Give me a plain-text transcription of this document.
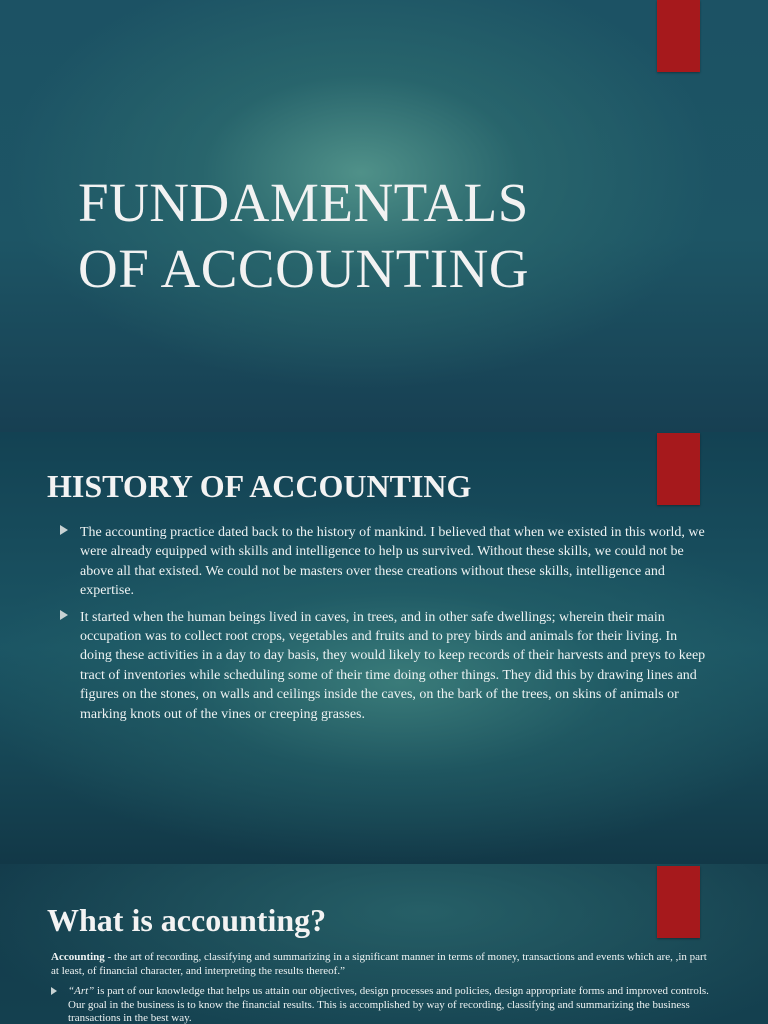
FUNDAMENTALS
OF ACCOUNTING
HISTORY OF ACCOUNTING
The accounting practice dated back to the history of mankind. I believed that when we existed in this world, we were already equipped with skills and intelligence to help us survived. Without these skills, we could not be above all that existed. We could not be masters over these creations without these skills, intelligence and expertise.
It started when the human beings lived in caves, in trees, and in other safe dwellings; wherein their main occupation was to collect root crops, vegetables and fruits and to prey birds and animals for their living. In doing these activities in a day to day basis, they would likely to keep records of their harvests and preys to keep tract of inventories while scheduling some of their time doing other things. They did this by drawing lines and figures on the stones, on walls and ceilings inside the caves, on the bark of the trees, on skins of animals or marking knots out of the vines or creeping grasses.
What is accounting?

Accounting - the art of recording, classifying and summarizing in a significant manner in terms of money, transactions and events which are, ,in part at least, of financial character, and interpreting the results thereof.”

“Art” is part of our knowledge that helps us attain our objectives, design processes and policies, design appropriate forms and improved controls. Our goal in the business is to know the financial results. This is accomplished by way of recording, classifying and summarizing the business transactions in the best way.
